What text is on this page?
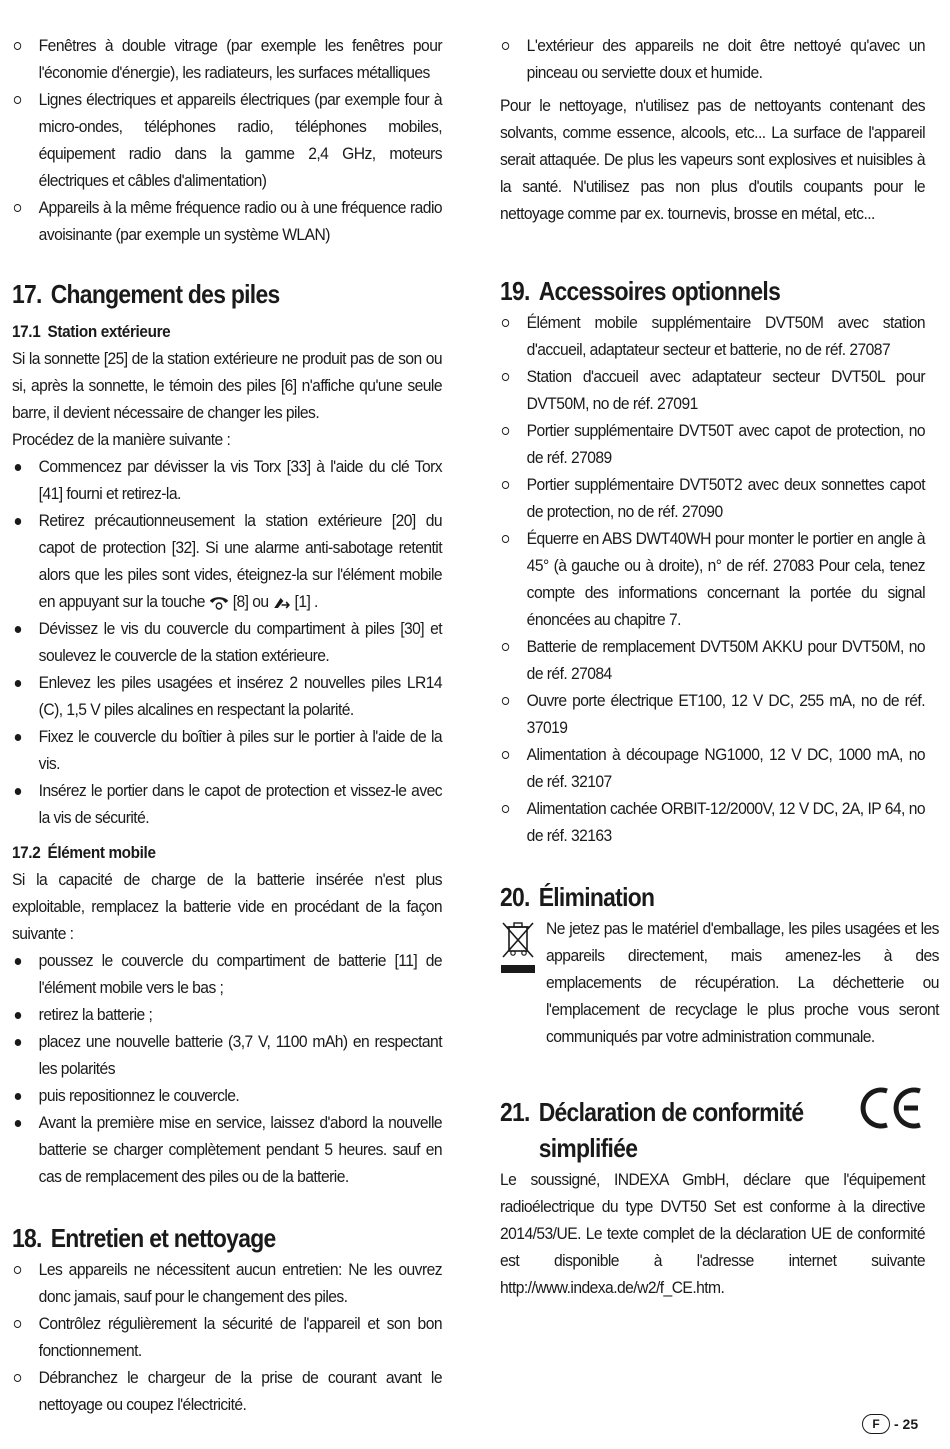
Fenêtres à double vitrage (par exemple les fenêtres pour l'économie d'énergie), les radiateurs, les surfaces métalliques
Lignes électriques et appareils électriques (par exemple four à micro-ondes, téléphones radio, téléphones mobiles, équipement radio dans la gamme 2,4 GHz, moteurs électriques et câbles d'alimentation)
Appareils à la même fréquence radio ou à une fréquence radio avoisinante (par exemple un système WLAN)
17. Changement des piles
17.1 Station extérieure

Si la sonnette [25] de la station extérieure ne produit pas de son ou si, après la sonnette, le témoin des piles [6] n'affiche qu'une seule barre, il devient nécessaire de changer les piles.

Procédez de la manière suivante :

Commencez par dévisser la vis Torx [33] à l'aide du clé Torx [41] fourni et retirez-la.
Retirez précautionneusement la station extérieure [20] du capot de protection [32]. Si une alarme anti-sabotage retentit alors que les piles sont vides, éteignez-la sur l'élément mobile en appuyant sur la touche [8] ou [1] .
Dévissez le vis du couvercle du compartiment à piles [30] et soulevez le couvercle de la station extérieure.
Enlevez les piles usagées et insérez 2 nouvelles piles LR14 (C), 1,5 V piles alcalines en respectant la polarité.
Fixez le couvercle du boîtier à piles sur le portier à l'aide de la vis.
Insérez le portier dans le capot de protection et vissez-le avec la vis de sécurité.
17.2 Élément mobile

Si la capacité de charge de la batterie insérée n'est plus exploitable, remplacez la batterie vide en procédant de la façon suivante :

poussez le couvercle du compartiment de batterie [11] de l'élément mobile vers le bas ;
retirez la batterie ;
placez une nouvelle batterie (3,7 V, 1100 mAh) en respectant les polarités
puis repositionnez le couvercle.
Avant la première mise en service, laissez d'abord la nouvelle batterie se charger complètement pendant 5 heures. sauf en cas de remplacement des piles ou de la batterie.
18. Entretien et nettoyage
Les appareils ne nécessitent aucun entretien: Ne les ouvrez donc jamais, sauf pour le changement des piles.
Contrôlez régulièrement la sécurité de l'appareil et son bon fonctionnement.
Débranchez le chargeur de la prise de courant avant le nettoyage ou coupez l'électricité.
L'extérieur des appareils ne doit être nettoyé qu'avec un pinceau ou serviette doux et humide.

Pour le nettoyage, n'utilisez pas de nettoyants contenant des solvants, comme essence, alcools, etc... La surface de l'appareil serait attaquée. De plus les vapeurs sont explosives et nuisibles à la santé. N'utilisez pas non plus d'outils coupants pour le nettoyage comme par ex. tournevis, brosse en métal, etc...

19. Accessoires optionnels
Élément mobile supplémentaire DVT50M avec station d'accueil, adaptateur secteur et batterie, no de réf. 27087
Station d'accueil avec adaptateur secteur DVT50L pour DVT50M, no de réf. 27091
Portier supplémentaire DVT50T avec capot de protection, no de réf. 27089
Portier supplémentaire DVT50T2 avec deux sonnettes capot de protection, no de réf. 27090
Équerre en ABS DWT40WH pour monter le portier en angle à 45° (à gauche ou à droite), n° de réf. 27083 Pour cela, tenez compte des informations concernant la portée du signal énoncées au chapitre 7.
Batterie de remplacement DVT50M AKKU pour DVT50M, no de réf. 27084
Ouvre porte électrique ET100, 12 V DC, 255 mA, no de réf. 37019
Alimentation à découpage NG1000, 12 V DC, 1000 mA, no de réf. 32107
Alimentation cachée ORBIT-12/2000V, 12 V DC, 2A, IP 64, no de réf. 32163
20. Élimination

Ne jetez pas le matériel d'emballage, les piles usagées et les appareils directement, mais amenez-les à des emplacements de récupération. La déchetterie ou l'emplacement de recyclage le plus proche vous seront communiqués par votre administration communale.

21. Déclaration de conformité
simplifiée

Le soussigné, INDEXA GmbH, déclare que l'équipement radioélectrique du type DVT50 Set est conforme à la directive 2014/53/UE. Le texte complet de la déclaration UE de conformité est disponible à l'adresse internet suivante http://www.indexa.de/w2/f_CE.htm.

F	- 25
